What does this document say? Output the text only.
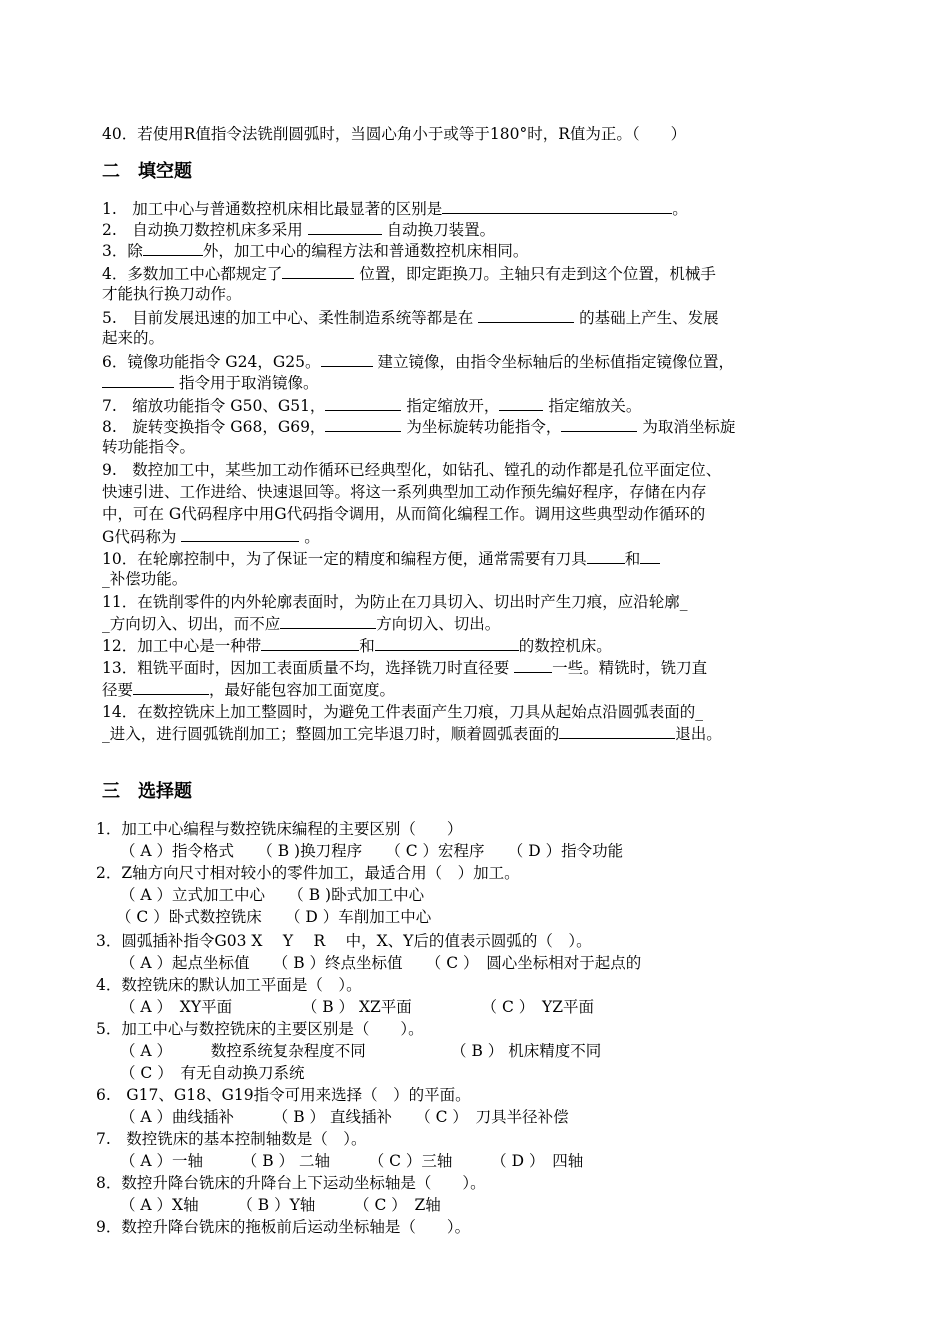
40．若使用R值指令法铣削圆弧时，当圆心角小于或等于180°时，R值为正。（　　）
二　填空题
1.　加工中心与普通数控机床相比最显著的区别是	。
2.　自动换刀数控机床多采用	自动换刀装置。
3．除	外，加工中心的编程方法和普通数控机床相同。
4．多数加工中心都规定了	位置，即定距换刀。主轴只有走到这个位置，机械手
才能执行换刀动作。
5.　目前发展迅速的加工中心、柔性制造系统等都是在	的基础上产生、发展
起来的。
6．镜像功能指令 G24，G25。	建立镜像，由指令坐标轴后的坐标值指定镜像位置，
指令用于取消镜像。
7.　缩放功能指令 G50、G51，	指定缩放开，	指定缩放关。
8.　旋转变换指令 G68，G69，	为坐标旋转功能指令，	为取消坐标旋
转功能指令。
9.　数控加工中，某些加工动作循环已经典型化，如钻孔、镗孔的动作都是孔位平面定位、
快速引进、工作进给、快速退回等。将这一系列典型加工动作预先编好程序，存储在内存
中，可在 G代码程序中用G代码指令调用，从而简化编程工作。调用这些典型动作循环的
G代码称为	。
10．在轮廓控制中，为了保证一定的精度和编程方便，通常需要有刀具 和
_补偿功能。
11．在铣削零件的内外轮廓表面时，为防止在刀具切入、切出时产生刀痕，应沿轮廓_
_方向切入、切出，而不应	方向切入、切出。
12．加工中心是一种带	和	的数控机床。
13．粗铣平面时，因加工表面质量不均，选择铣刀时直径要	一些。精铣时，铣刀直
径要	，最好能包容加工面宽度。
14．在数控铣床上加工整圆时，为避免工件表面产生刀痕，刀具从起始点沿圆弧表面的_
_进入，进行圆弧铣削加工；整圆加工完毕退刀时，顺着圆弧表面的	退出。
三　选择题
1．加工中心编程与数控铣床编程的主要区别（　　）
（ A ）指令格式　　（ B )换刀程序　　（ C ）宏程序　　（ D ）指令功能
2．Z轴方向尺寸相对较小的零件加工，最适合用（　）加工。
（ A ）立式加工中心　　（ B )卧式加工中心
（ C ）卧式数控铣床　　（ D ）车削加工中心
3．圆弧插补指令G03 X　 Y　 R　 中，X、Y后的值表示圆弧的（　）。
（ A ）起点坐标值　　（ B ）终点坐标值　　（ C ）　圆心坐标相对于起点的
4．数控铣床的默认加工平面是（　）。
（ A ）　XY平面　　　　　（ B ） XZ平面　　　　　（ C ）　YZ平面
5．加工中心与数控铣床的主要区别是（　　）。
（ A ）　　　数控系统复杂程度不同　　　　　　（ B ） 机床精度不同
（ C ）　有无自动换刀系统
6.　G17、G18、G19指令可用来选择（　）的平面。
（ A ）曲线插补　　　（ B ） 直线插补　　（ C ）　刀具半径补偿
7.　数控铣床的基本控制轴数是（　）。
（ A ）一轴　　　（ B ） 二轴　　　（ C ）三轴　　　（ D ）　四轴
8．数控升降台铣床的升降台上下运动坐标轴是（　　）。
（ A ）X轴　　　（ B ）Y轴　　　（ C ）　Z轴
9．数控升降台铣床的拖板前后运动坐标轴是（　　）。
